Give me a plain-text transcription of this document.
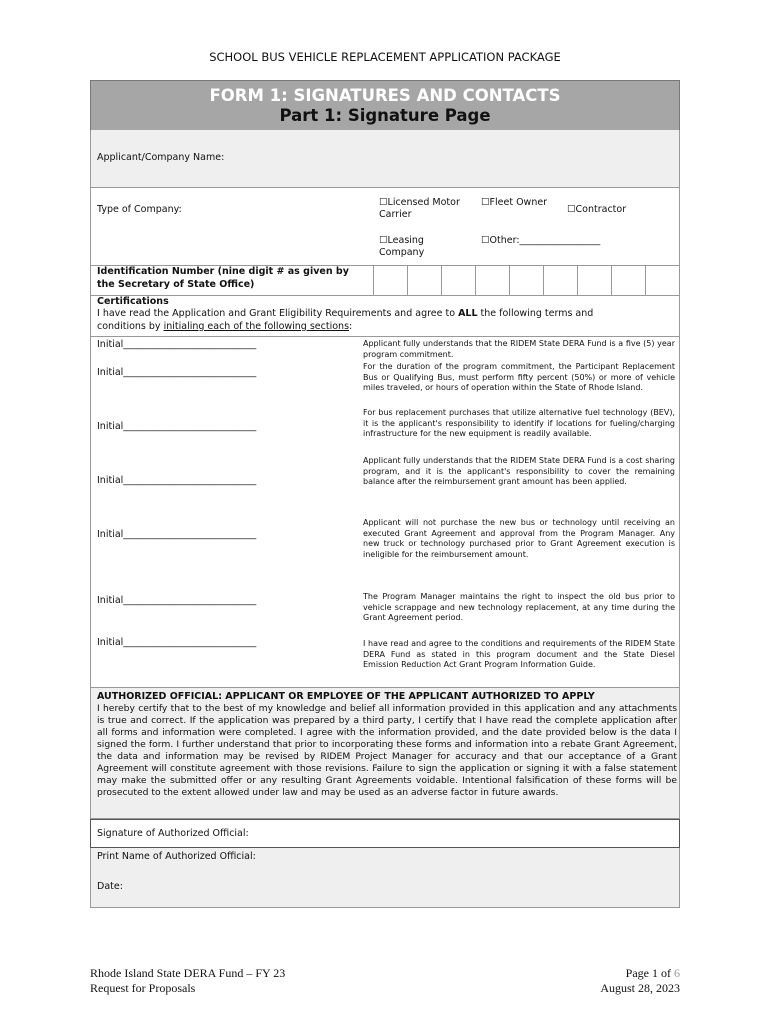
SCHOOL BUS VEHICLE REPLACEMENT APPLICATION PACKAGE
FORM 1: SIGNATURES AND CONTACTS
Part 1: Signature Page
Applicant/Company Name:
Type of Company:
☐Licensed Motor
Carrier
☐Fleet Owner
☐Contractor
☐Leasing
Company
☐Other:_________________
Identification Number (nine digit # as given by
the Secretary of State Office)
Certifications
I have read the Application and Grant Eligibility Requirements and agree to ALL the following terms and
conditions by initialing each of the following sections:
Initial____________________________
Initial____________________________
Initial____________________________
Initial____________________________
Initial____________________________
Initial____________________________
Initial____________________________
Applicant fully understands that the RIDEM State DERA Fund is a five (5) year program commitment.
For the duration of the program commitment, the Participant Replacement Bus or Qualifying Bus, must perform fifty percent (50%) or more of vehicle miles traveled, or hours of operation within the State of Rhode Island.
For bus replacement purchases that utilize alternative fuel technology (BEV), it is the applicant's responsibility to identify if locations for fueling/charging infrastructure for the new equipment is readily available.
Applicant fully understands that the RIDEM State DERA Fund is a cost sharing program, and it is the applicant's responsibility to cover the remaining balance after the reimbursement grant amount has been applied.
Applicant will not purchase the new bus or technology until receiving an executed Grant Agreement and approval from the Program Manager. Any new truck or technology purchased prior to Grant Agreement execution is ineligible for the reimbursement amount.
The Program Manager maintains the right to inspect the old bus prior to vehicle scrappage and new technology replacement, at any time during the Grant Agreement period.
I have read and agree to the conditions and requirements of the RIDEM State DERA Fund as stated in this program document and the State Diesel Emission Reduction Act Grant Program Information Guide.
AUTHORIZED OFFICIAL: APPLICANT OR EMPLOYEE OF THE APPLICANT AUTHORIZED TO APPLY
I hereby certify that to the best of my knowledge and belief all information provided in this application and any attachments is true and correct. If the application was prepared by a third party, I certify that I have read the complete application after all forms and information were completed. I agree with the information provided, and the date provided below is the data I signed the form. I further understand that prior to incorporating these forms and information into a rebate Grant Agreement, the data and information may be revised by RIDEM Project Manager for accuracy and that our acceptance of a Grant Agreement will constitute agreement with those revisions. Failure to sign the application or signing it with a false statement may make the submitted offer or any resulting Grant Agreements voidable. Intentional falsification of these forms will be prosecuted to the extent allowed under law and may be used as an adverse factor in future awards.
Signature of Authorized Official:
Print Name of Authorized Official:
Date:
Rhode Island State DERA Fund – FY 23
Request for Proposals
Page 1 of 6
August 28, 2023
